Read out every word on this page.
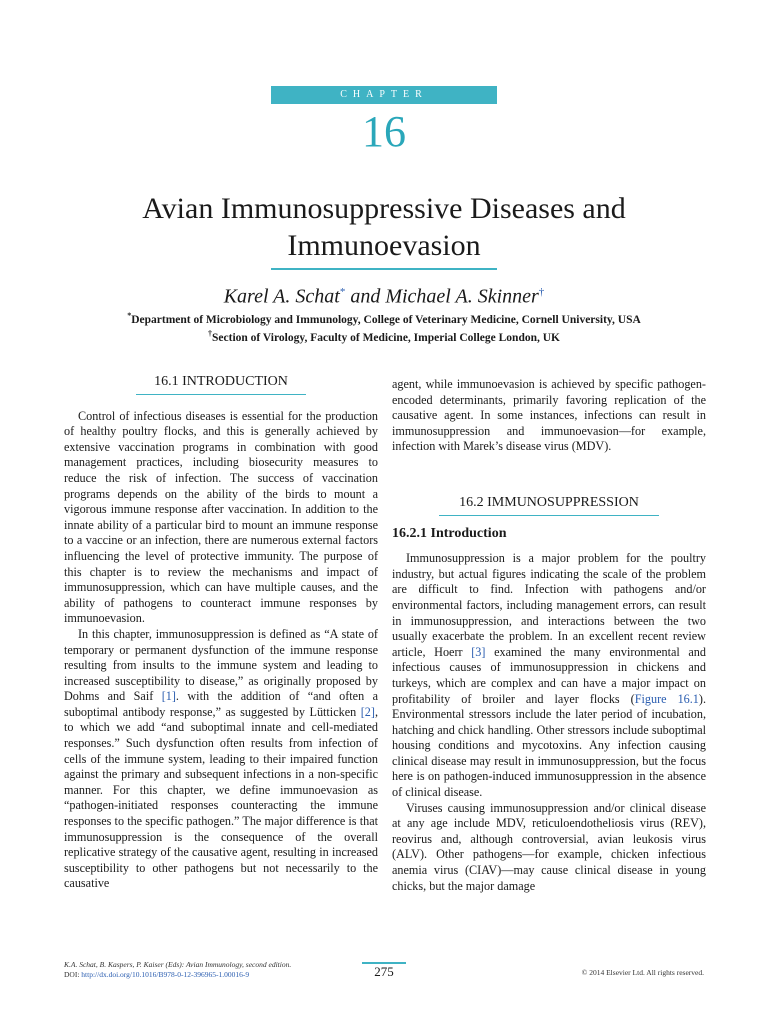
CHAPTER
16
Avian Immunosuppressive Diseases and
Immunoevasion
Karel A. Schat* and Michael A. Skinner†
*Department of Microbiology and Immunology, College of Veterinary Medicine, Cornell University, USA
†Section of Virology, Faculty of Medicine, Imperial College London, UK
16.1 INTRODUCTION

Control of infectious diseases is essential for the production of healthy poultry flocks, and this is generally achieved by extensive vaccination programs in combination with good management practices, including biosecurity measures to reduce the risk of infection. The success of vaccination programs depends on the ability of the birds to mount a vigorous immune response after vaccination. In addition to the innate ability of a particular bird to mount an immune response to a vaccine or an infection, there are numerous external factors influencing the level of protective immunity. The purpose of this chapter is to review the mechanisms and impact of immunosuppression, which can have multiple causes, and the ability of pathogens to counteract immune responses by immunoevasion.

In this chapter, immunosuppression is defined as “A state of temporary or permanent dysfunction of the immune response resulting from insults to the immune system and leading to increased susceptibility to disease,” as originally proposed by Dohms and Saif [1]. with the addition of “and often a suboptimal antibody response,” as suggested by Lütticken [2], to which we add “and suboptimal innate and cell-mediated responses.” Such dysfunction often results from infection of cells of the immune system, leading to their impaired function against the primary and subsequent infections in a non-specific manner. For this chapter, we define immunoevasion as “pathogen-initiated responses counteracting the immune responses to the specific pathogen.” The major difference is that immunosuppression is the consequence of the overall replicative strategy of the causative agent, resulting in increased susceptibility to other pathogens but not necessarily to the causative

agent, while immunoevasion is achieved by specific pathogen-encoded determinants, primarily favoring replication of the causative agent. In some instances, infections can result in immunosuppression and immunoevasion—for example, infection with Marek’s disease virus (MDV).

16.2 IMMUNOSUPPRESSION
16.2.1 Introduction

Immunosuppression is a major problem for the poultry industry, but actual figures indicating the scale of the problem are difficult to find. Infection with pathogens and/or environmental factors, including management errors, can result in immunosuppression, and interactions between the two usually exacerbate the problem. In an excellent recent review article, Hoerr [3] examined the many environmental and infectious causes of immunosuppression in chickens and turkeys, which are complex and can have a major impact on profitability of broiler and layer flocks (Figure 16.1). Environmental stressors include the later period of incubation, hatching and chick handling. Other stressors include suboptimal housing conditions and mycotoxins. Any infection causing clinical disease may result in immunosuppression, but the focus here is on pathogen-induced immunosuppression in the absence of clinical disease.

Viruses causing immunosuppression and/or clinical disease at any age include MDV, reticuloendotheliosis virus (REV), reovirus and, although controversial, avian leukosis virus (ALV). Other pathogens—for example, chicken infectious anemia virus (CIAV)—may cause clinical disease in young chicks, but the major damage

K.A. Schat, B. Kaspers, P. Kaiser (Eds): Avian Immunology, second edition.
DOI: http://dx.doi.org/10.1016/B978-0-12-396965-1.00016-9	275	© 2014 Elsevier Ltd. All rights reserved.
